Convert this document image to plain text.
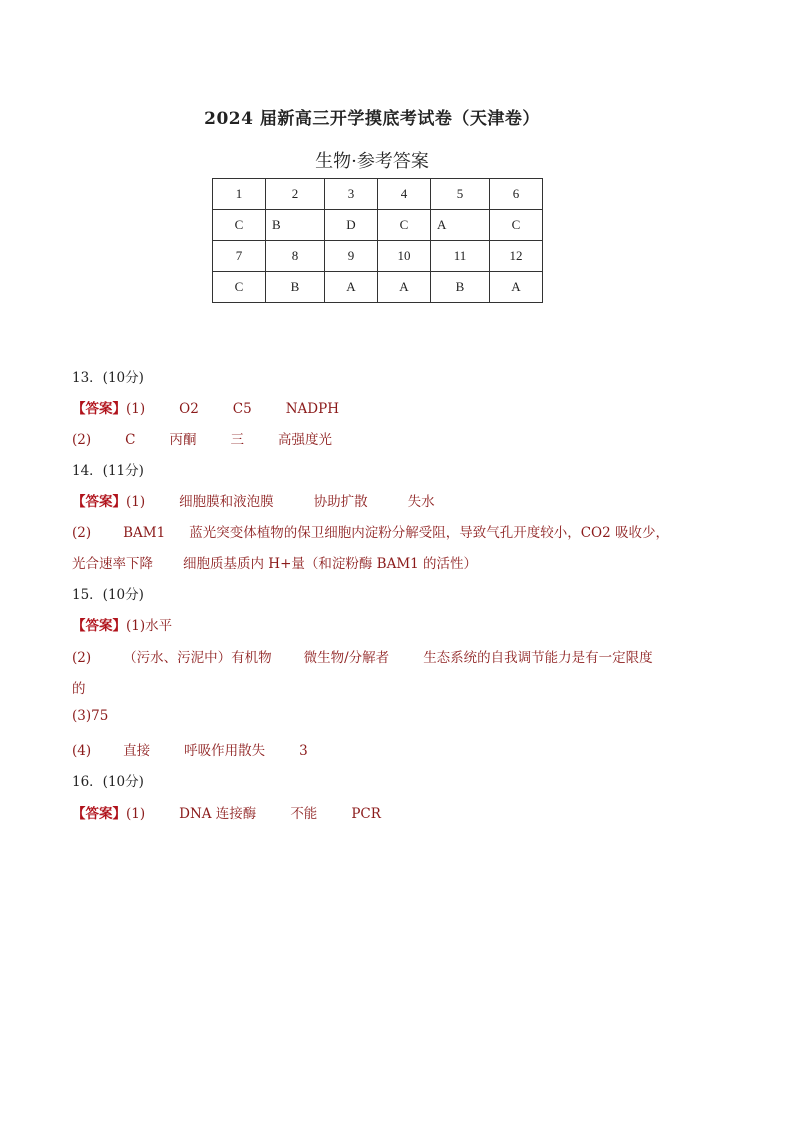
2024 届新高三开学摸底考试卷（天津卷）
生物·参考答案
1	2	3	4	5	6
C	B	D	C	A	C
7	8	9	10	11	12
C	B	A	A	B	A
13．(10分)
【答案】(1)	O2	C5	NADPH
(2)	C	丙酮	三	高强度光
14．(11分)
【答案】(1)	细胞膜和液泡膜	协助扩散	失水
(2) BAM1 蓝光突变体植物的保卫细胞内淀粉分解受阻，导致气孔开度较小，CO2 吸收少，
光合速率下降 细胞质基质内 H+量（和淀粉酶 BAM1 的活性）
15．(10分)
【答案】(1)水平
(2) （污水、污泥中）有机物 微生物/分解者	生态系统的自我调节能力是有一定限度
的
(3)75
(4) 直接	呼吸作用散失	3
16．(10分)
【答案】(1)	DNA 连接酶	不能	PCR
